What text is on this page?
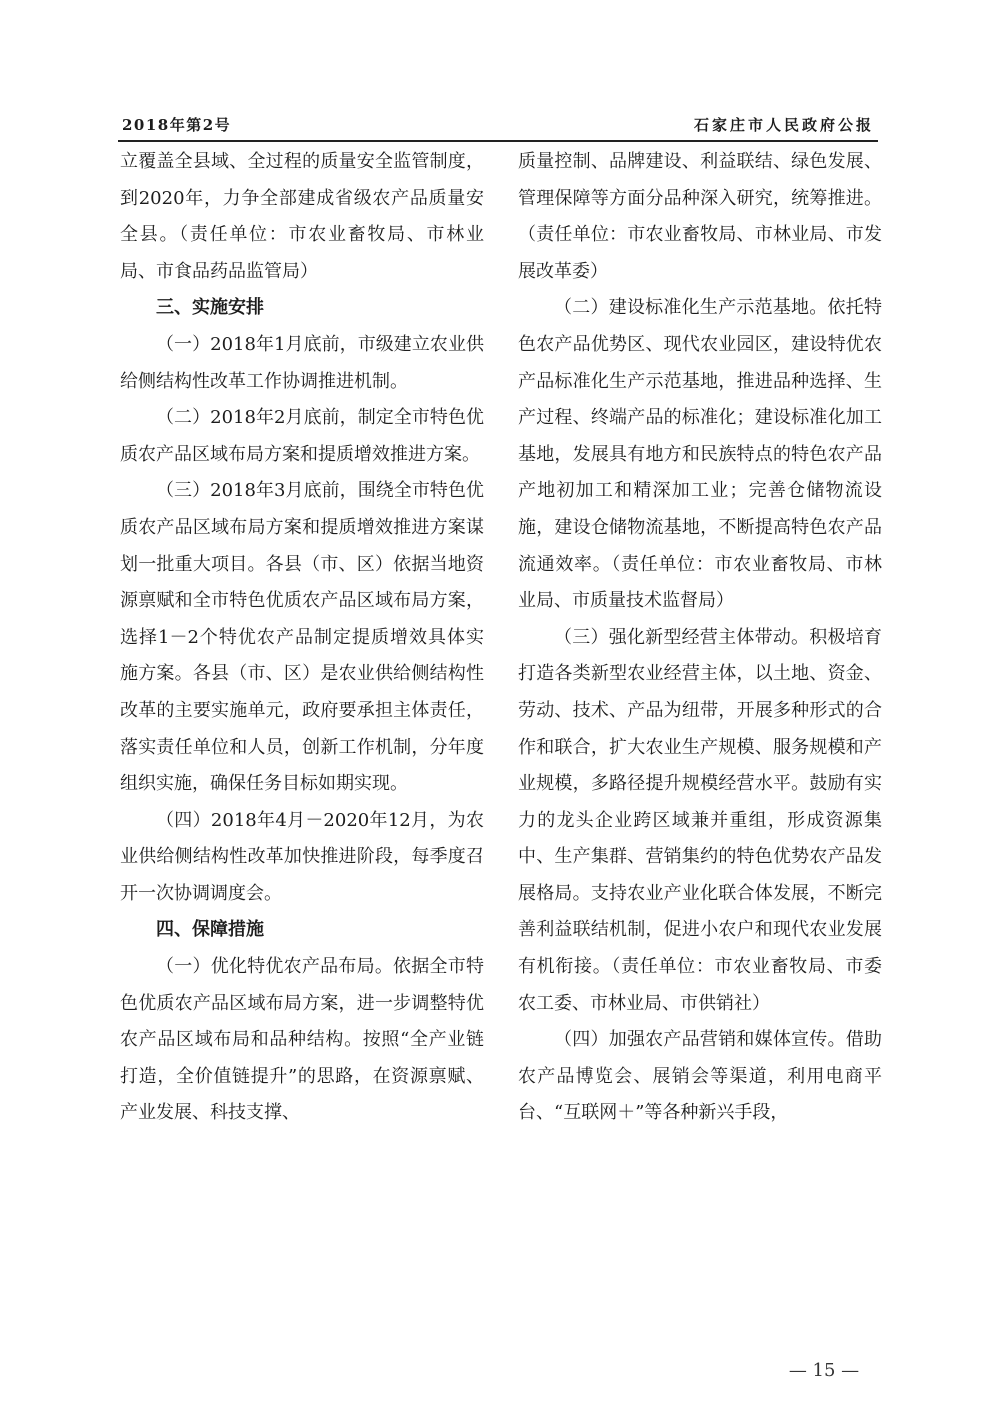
2018年第2号	石家庄市人民政府公报

立覆盖全县域、全过程的质量安全监管制度，到2020年，力争全部建成省级农产品质量安全县。（责任单位：市农业畜牧局、市林业局、市食品药品监管局）

三、实施安排

（一）2018年1月底前，市级建立农业供给侧结构性改革工作协调推进机制。

（二）2018年2月底前，制定全市特色优质农产品区域布局方案和提质增效推进方案。

（三）2018年3月底前，围绕全市特色优质农产品区域布局方案和提质增效推进方案谋划一批重大项目。各县（市、区）依据当地资源禀赋和全市特色优质农产品区域布局方案，选择1－2个特优农产品制定提质增效具体实施方案。各县（市、区）是农业供给侧结构性改革的主要实施单元，政府要承担主体责任，落实责任单位和人员，创新工作机制，分年度组织实施，确保任务目标如期实现。

（四）2018年4月－2020年12月，为农业供给侧结构性改革加快推进阶段，每季度召开一次协调调度会。

四、保障措施

（一）优化特优农产品布局。依据全市特色优质农产品区域布局方案，进一步调整特优农产品区域布局和品种结构。按照“全产业链打造，全价值链提升”的思路，在资源禀赋、产业发展、科技支撑、

质量控制、品牌建设、利益联结、绿色发展、管理保障等方面分品种深入研究，统筹推进。（责任单位：市农业畜牧局、市林业局、市发展改革委）

（二）建设标准化生产示范基地。依托特色农产品优势区、现代农业园区，建设特优农产品标准化生产示范基地，推进品种选择、生产过程、终端产品的标准化；建设标准化加工基地，发展具有地方和民族特点的特色农产品产地初加工和精深加工业；完善仓储物流设施，建设仓储物流基地，不断提高特色农产品流通效率。（责任单位：市农业畜牧局、市林业局、市质量技术监督局）

（三）强化新型经营主体带动。积极培育打造各类新型农业经营主体，以土地、资金、劳动、技术、产品为纽带，开展多种形式的合作和联合，扩大农业生产规模、服务规模和产业规模，多路径提升规模经营水平。鼓励有实力的龙头企业跨区域兼并重组，形成资源集中、生产集群、营销集约的特色优势农产品发展格局。支持农业产业化联合体发展，不断完善利益联结机制，促进小农户和现代农业发展有机衔接。（责任单位：市农业畜牧局、市委农工委、市林业局、市供销社）

（四）加强农产品营销和媒体宣传。借助农产品博览会、展销会等渠道，利用电商平台、“互联网＋”等各种新兴手段，

— 15 —
